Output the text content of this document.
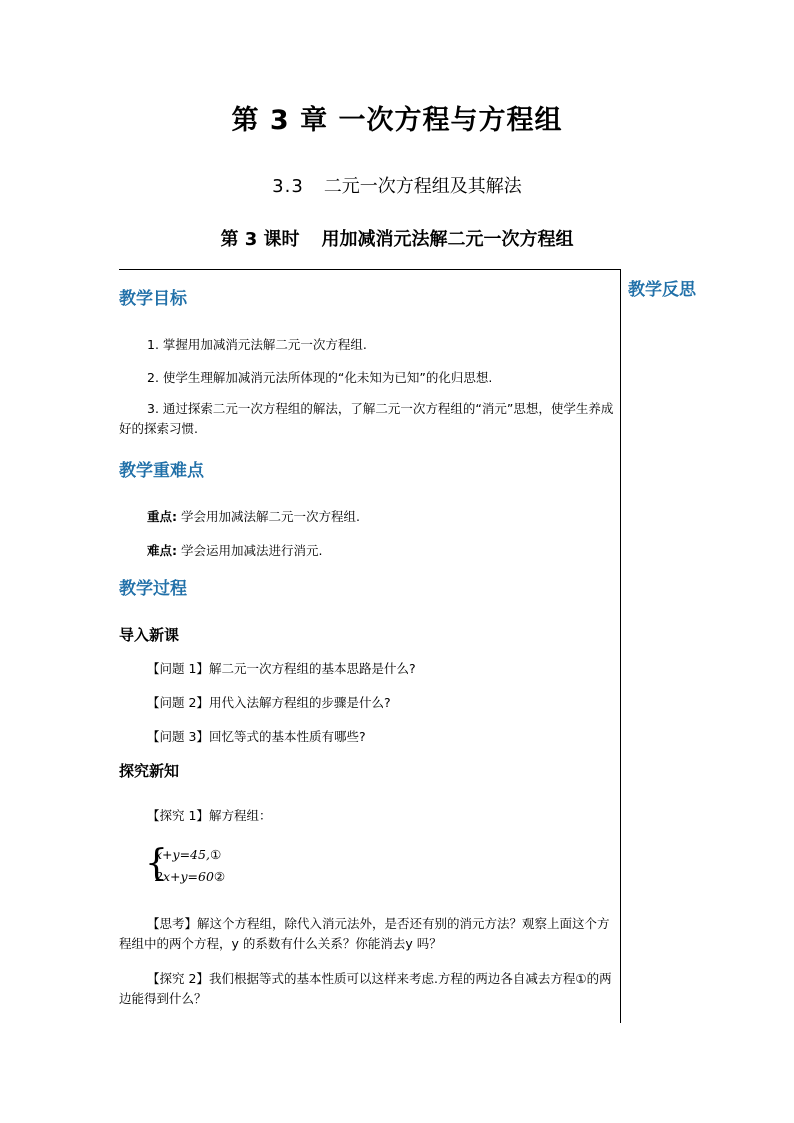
第 3 章 一次方程与方程组
3.3 二元一次方程组及其解法
第 3 课时 用加减消元法解二元一次方程组
教学反思
教学目标
1. 掌握用加减消元法解二元一次方程组.
2. 使学生理解加减消元法所体现的“化未知为已知”的化归思想.
3. 通过探索二元一次方程组的解法，了解二元一次方程组的“消元”思想，使学生养成好的探索习惯.
教学重难点
重点: 学会用加减法解二元一次方程组.
难点: 学会运用加减法进行消元.
教学过程
导入新课
【问题 1】解二元一次方程组的基本思路是什么?
【问题 2】用代入法解方程组的步骤是什么?
【问题 3】回忆等式的基本性质有哪些?
探究新知
【探究 1】解方程组：
{
x+y=45,①
2x+y=60②
【思考】解这个方程组，除代入消元法外，是否还有别的消元方法？观察上面这个方程组中的两个方程，y 的系数有什么关系？你能消去y 吗？
【探究 2】我们根据等式的基本性质可以这样来考虑.方程的两边各自减去方程①的两边能得到什么？
